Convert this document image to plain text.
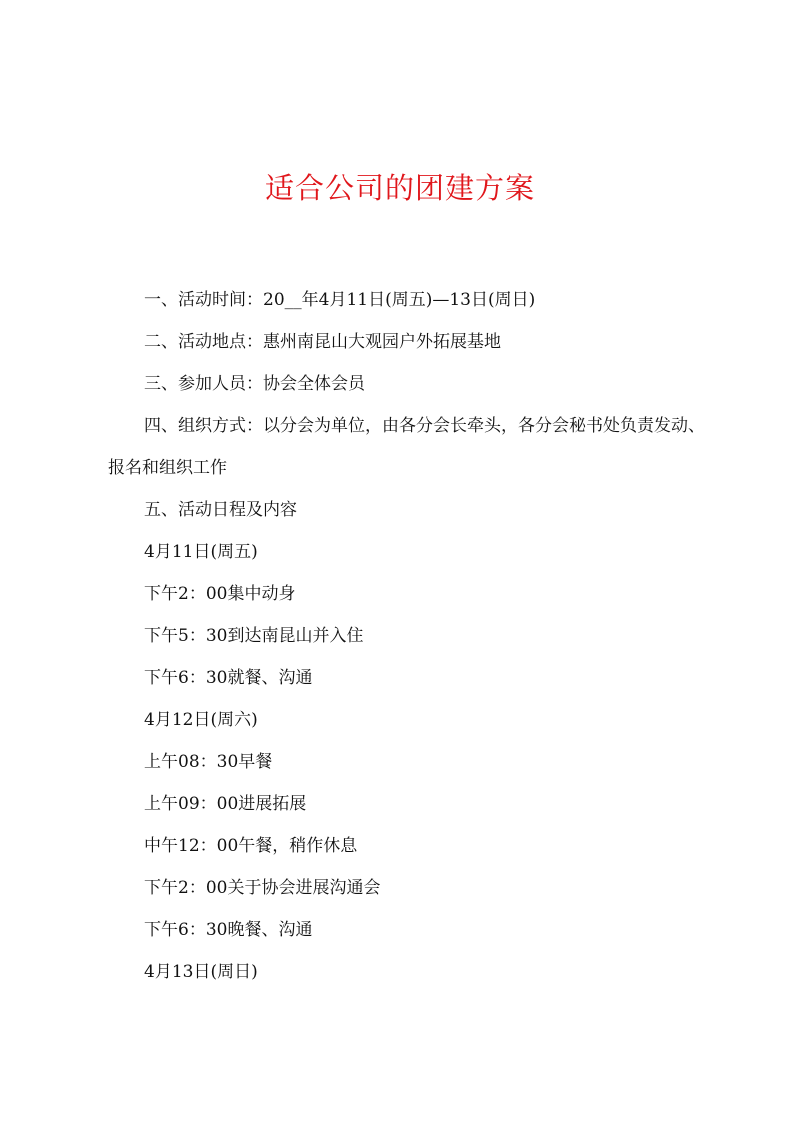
适合公司的团建方案

一、活动时间：20__年4月11日(周五)—13日(周日)

二、活动地点：惠州南昆山大观园户外拓展基地

三、参加人员：协会全体会员

四、组织方式：以分会为单位，由各分会长牵头，各分会秘书处负责发动、报名和组织工作

五、活动日程及内容

4月11日(周五)

下午2：00集中动身

下午5：30到达南昆山并入住

下午6：30就餐、沟通

4月12日(周六)

上午08：30早餐

上午09：00进展拓展

中午12：00午餐，稍作休息

下午2：00关于协会进展沟通会

下午6：30晚餐、沟通

4月13日(周日)
